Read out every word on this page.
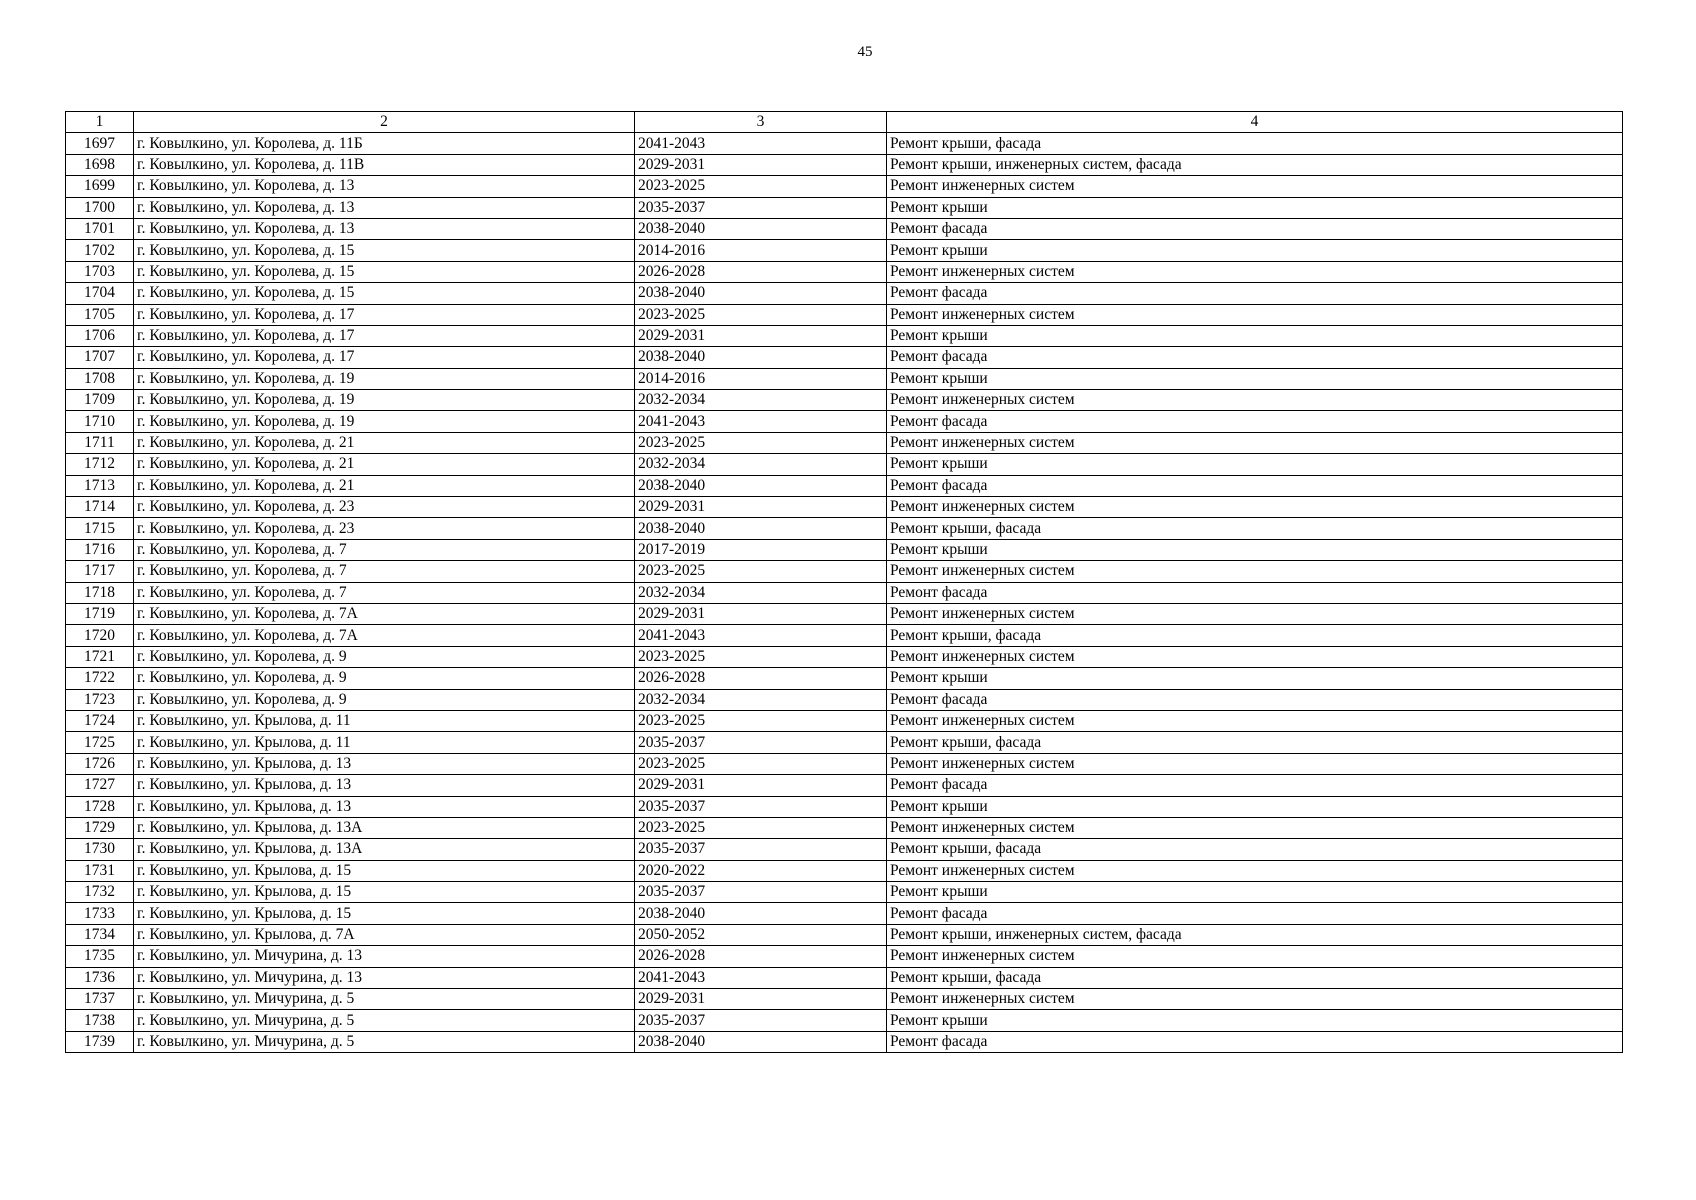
45
1	2	3	4
1697	г. Ковылкино, ул. Королева, д. 11Б	2041-2043	Ремонт крыши, фасада
1698	г. Ковылкино, ул. Королева, д. 11В	2029-2031	Ремонт крыши, инженерных систем, фасада
1699	г. Ковылкино, ул. Королева, д. 13	2023-2025	Ремонт инженерных систем
1700	г. Ковылкино, ул. Королева, д. 13	2035-2037	Ремонт крыши
1701	г. Ковылкино, ул. Королева, д. 13	2038-2040	Ремонт фасада
1702	г. Ковылкино, ул. Королева, д. 15	2014-2016	Ремонт крыши
1703	г. Ковылкино, ул. Королева, д. 15	2026-2028	Ремонт инженерных систем
1704	г. Ковылкино, ул. Королева, д. 15	2038-2040	Ремонт фасада
1705	г. Ковылкино, ул. Королева, д. 17	2023-2025	Ремонт инженерных систем
1706	г. Ковылкино, ул. Королева, д. 17	2029-2031	Ремонт крыши
1707	г. Ковылкино, ул. Королева, д. 17	2038-2040	Ремонт фасада
1708	г. Ковылкино, ул. Королева, д. 19	2014-2016	Ремонт крыши
1709	г. Ковылкино, ул. Королева, д. 19	2032-2034	Ремонт инженерных систем
1710	г. Ковылкино, ул. Королева, д. 19	2041-2043	Ремонт фасада
1711	г. Ковылкино, ул. Королева, д. 21	2023-2025	Ремонт инженерных систем
1712	г. Ковылкино, ул. Королева, д. 21	2032-2034	Ремонт крыши
1713	г. Ковылкино, ул. Королева, д. 21	2038-2040	Ремонт фасада
1714	г. Ковылкино, ул. Королева, д. 23	2029-2031	Ремонт инженерных систем
1715	г. Ковылкино, ул. Королева, д. 23	2038-2040	Ремонт крыши, фасада
1716	г. Ковылкино, ул. Королева, д. 7	2017-2019	Ремонт крыши
1717	г. Ковылкино, ул. Королева, д. 7	2023-2025	Ремонт инженерных систем
1718	г. Ковылкино, ул. Королева, д. 7	2032-2034	Ремонт фасада
1719	г. Ковылкино, ул. Королева, д. 7А	2029-2031	Ремонт инженерных систем
1720	г. Ковылкино, ул. Королева, д. 7А	2041-2043	Ремонт крыши, фасада
1721	г. Ковылкино, ул. Королева, д. 9	2023-2025	Ремонт инженерных систем
1722	г. Ковылкино, ул. Королева, д. 9	2026-2028	Ремонт крыши
1723	г. Ковылкино, ул. Королева, д. 9	2032-2034	Ремонт фасада
1724	г. Ковылкино, ул. Крылова, д. 11	2023-2025	Ремонт инженерных систем
1725	г. Ковылкино, ул. Крылова, д. 11	2035-2037	Ремонт крыши, фасада
1726	г. Ковылкино, ул. Крылова, д. 13	2023-2025	Ремонт инженерных систем
1727	г. Ковылкино, ул. Крылова, д. 13	2029-2031	Ремонт фасада
1728	г. Ковылкино, ул. Крылова, д. 13	2035-2037	Ремонт крыши
1729	г. Ковылкино, ул. Крылова, д. 13А	2023-2025	Ремонт инженерных систем
1730	г. Ковылкино, ул. Крылова, д. 13А	2035-2037	Ремонт крыши, фасада
1731	г. Ковылкино, ул. Крылова, д. 15	2020-2022	Ремонт инженерных систем
1732	г. Ковылкино, ул. Крылова, д. 15	2035-2037	Ремонт крыши
1733	г. Ковылкино, ул. Крылова, д. 15	2038-2040	Ремонт фасада
1734	г. Ковылкино, ул. Крылова, д. 7А	2050-2052	Ремонт крыши, инженерных систем, фасада
1735	г. Ковылкино, ул. Мичурина, д. 13	2026-2028	Ремонт инженерных систем
1736	г. Ковылкино, ул. Мичурина, д. 13	2041-2043	Ремонт крыши, фасада
1737	г. Ковылкино, ул. Мичурина, д. 5	2029-2031	Ремонт инженерных систем
1738	г. Ковылкино, ул. Мичурина, д. 5	2035-2037	Ремонт крыши
1739	г. Ковылкино, ул. Мичурина, д. 5	2038-2040	Ремонт фасада
